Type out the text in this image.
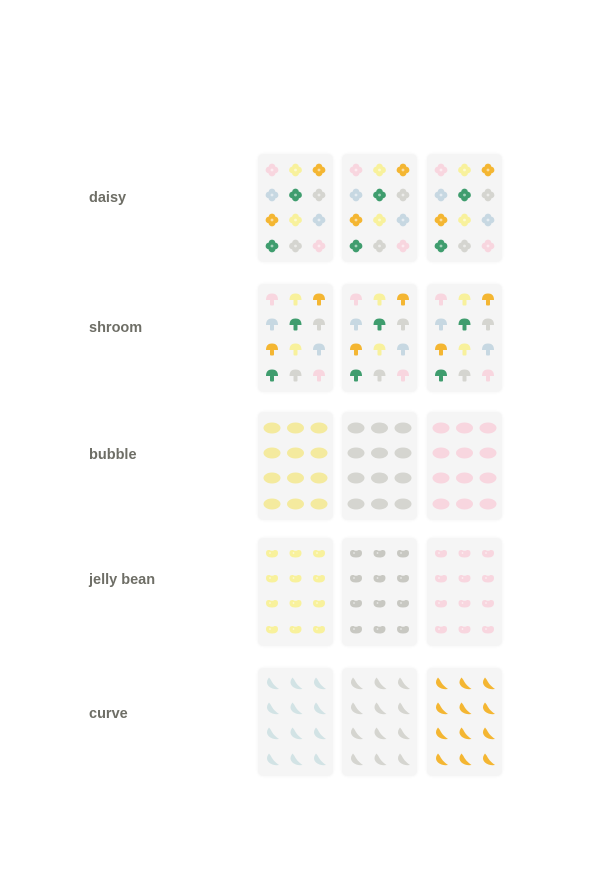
daisy
shroom
bubble
jelly bean
curve
